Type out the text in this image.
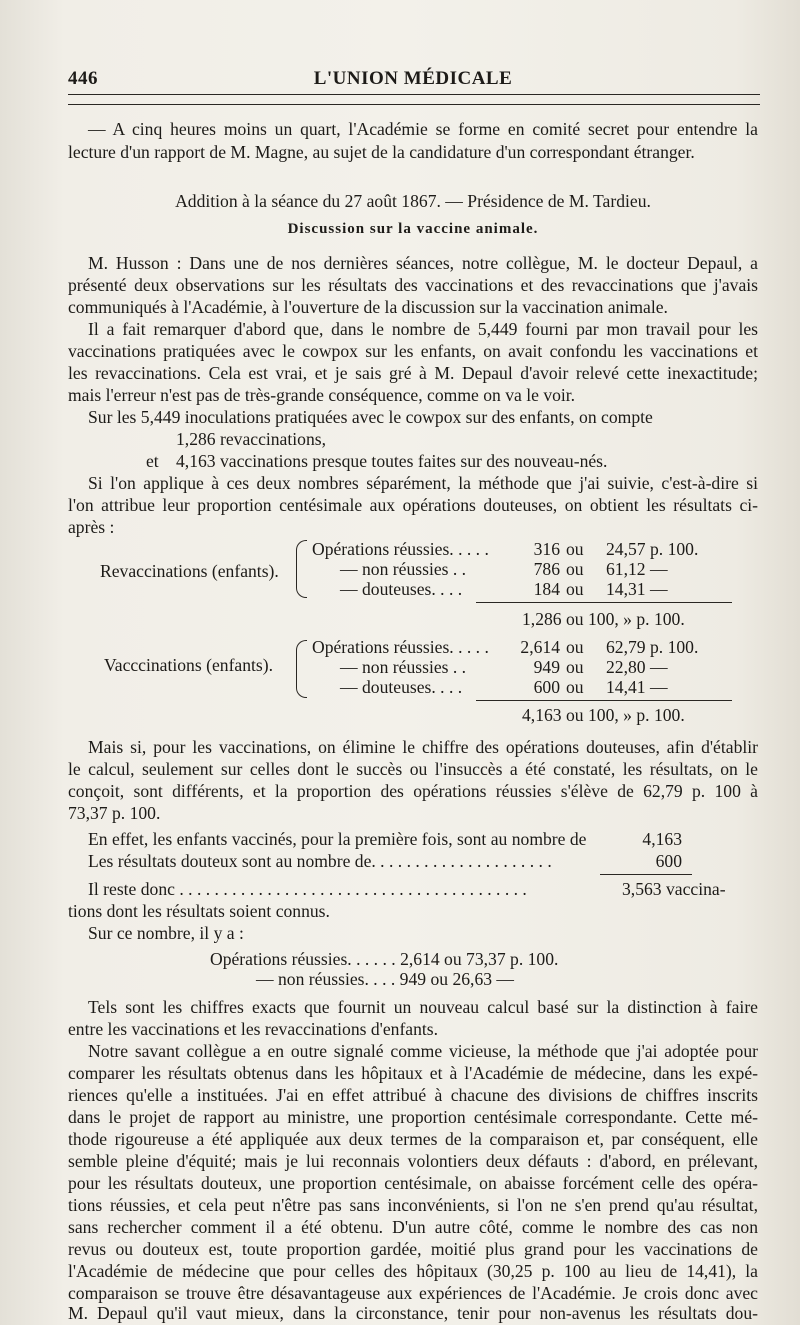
446	L'UNION MÉDICALE
— A cinq heures moins un quart, l'Académie se forme en comité secret pour entendre la
lecture d'un rapport de M. Magne, au sujet de la candidature d'un correspondant étranger.
Addition à la séance du 27 août 1867. — Présidence de M. Tardieu.
Discussion sur la vaccine animale.
M. Husson : Dans une de nos dernières séances, notre collègue, M. le docteur Depaul, a
présenté deux observations sur les résultats des vaccinations et des revaccinations que j'avais
communiqués à l'Académie, à l'ouverture de la discussion sur la vaccination animale.
Il a fait remarquer d'abord que, dans le nombre de 5,449 fourni par mon travail pour les
vaccinations pratiquées avec le cowpox sur les enfants, on avait confondu les vaccinations et
les revaccinations. Cela est vrai, et je sais gré à M. Depaul d'avoir relevé cette inexactitude;
mais l'erreur n'est pas de très-grande conséquence, comme on va le voir.
Sur les 5,449 inoculations pratiquées avec le cowpox sur des enfants, on compte
1,286 revaccinations,
et 4,163 vaccinations presque toutes faites sur des nouveau-nés.
Si l'on applique à ces deux nombres séparément, la méthode que j'ai suivie, c'est-à-dire si
l'on attribue leur proportion centésimale aux opérations douteuses, on obtient les résultats ci-
après :
Revaccinations (enfants).
Opérations réussies. . . . .	316 ou 24,57 p. 100.
— non réussies . .	786 ou 61,12 —
— douteuses. . . .	184 ou 14,31 —
1,286 ou 100, » p. 100.
Vacccinations (enfants).
Opérations réussies. . . . .	2,614 ou 62,79 p. 100.
— non réussies . .	949 ou 22,80 —
— douteuses. . . .	600 ou 14,41 —
4,163 ou 100, » p. 100.
Mais si, pour les vaccinations, on élimine le chiffre des opérations douteuses, afin d'établir
le calcul, seulement sur celles dont le succès ou l'insuccès a été constaté, les résultats, on le
conçoit, sont différents, et la proportion des opérations réussies s'élève de 62,79 p. 100 à
73,37 p. 100.
En effet, les enfants vaccinés, pour la première fois, sont au nombre de	4,163
Les résultats douteux sont au nombre de. . . . . . . . . . . . . . . . . . . . .	600
Il reste donc . . . . . . . . . . . . . . . . . . . . . . . . . . . . . . . . . . . . . . . .	3,563 vaccina-
tions dont les résultats soient connus.
Sur ce nombre, il y a :
Opérations réussies. . . . . . 2,614 ou 73,37 p. 100.
— non réussies. . . . 949 ou 26,63 —
Tels sont les chiffres exacts que fournit un nouveau calcul basé sur la distinction à faire
entre les vaccinations et les revaccinations d'enfants.
Notre savant collègue a en outre signalé comme vicieuse, la méthode que j'ai adoptée pour
comparer les résultats obtenus dans les hôpitaux et à l'Académie de médecine, dans les expé-
riences qu'elle a instituées. J'ai en effet attribué à chacune des divisions de chiffres inscrits
dans le projet de rapport au ministre, une proportion centésimale correspondante. Cette mé-
thode rigoureuse a été appliquée aux deux termes de la comparaison et, par conséquent, elle
semble pleine d'équité; mais je lui reconnais volontiers deux défauts : d'abord, en prélevant,
pour les résultats douteux, une proportion centésimale, on abaisse forcément celle des opéra-
tions réussies, et cela peut n'être pas sans inconvénients, si l'on ne s'en prend qu'au résultat,
sans rechercher comment il a été obtenu. D'un autre côté, comme le nombre des cas non
revus ou douteux est, toute proportion gardée, moitié plus grand pour les vaccinations de
l'Académie de médecine que pour celles des hôpitaux (30,25 p. 100 au lieu de 14,41), la
comparaison se trouve être désavantageuse aux expériences de l'Académie. Je crois donc avec
M. Depaul qu'il vaut mieux, dans la circonstance, tenir pour non-avenus les résultats dou-
